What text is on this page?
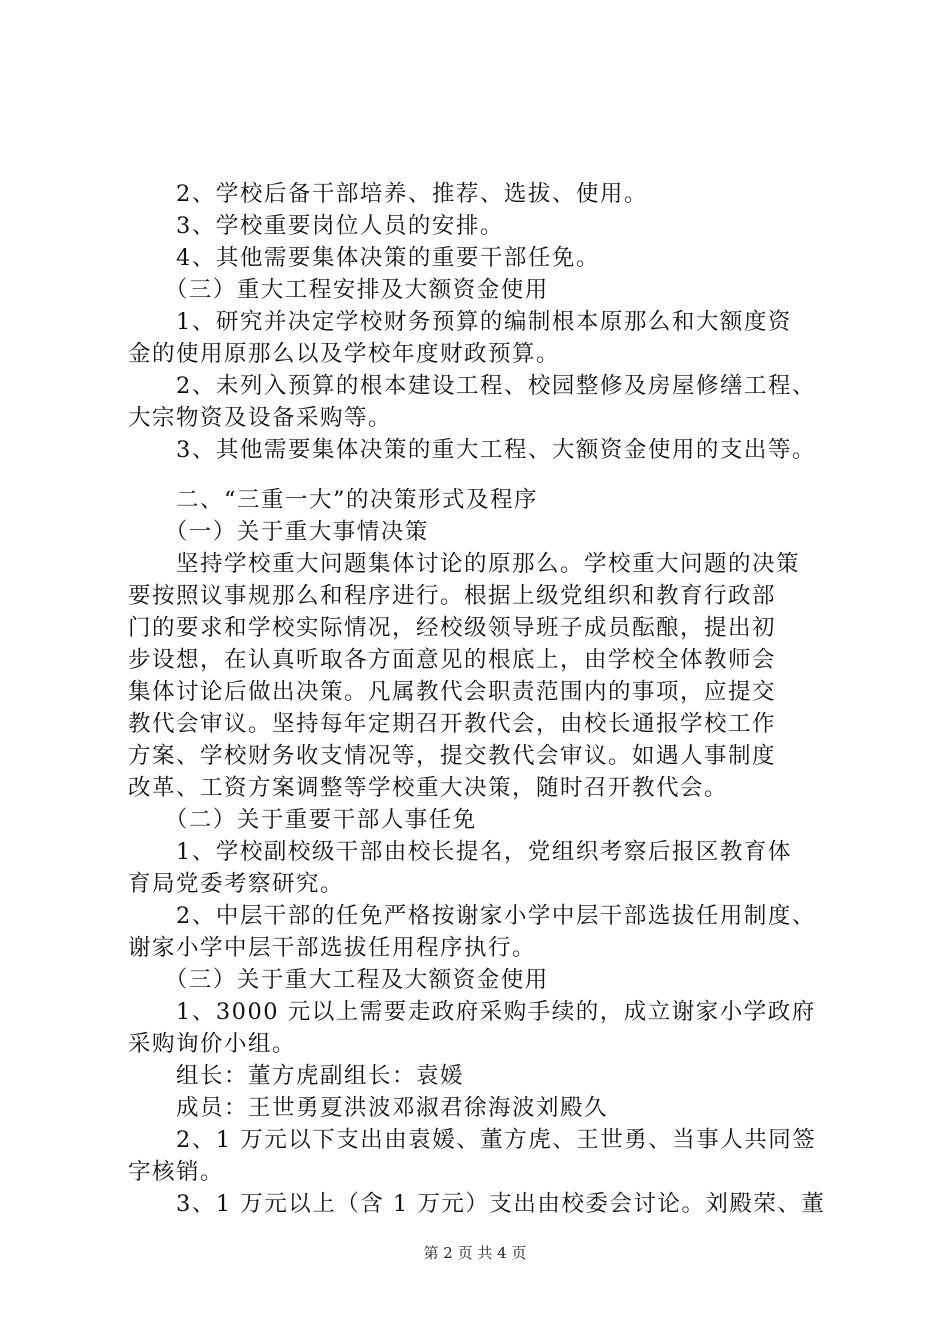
　　2、学校后备干部培养、推荐、选拔、使用。
　　3、学校重要岗位人员的安排。
　　4、其他需要集体决策的重要干部任免。
　　（三）重大工程安排及大额资金使用
　　1、研究并决定学校财务预算的编制根本原那么和大额度资
金的使用原那么以及学校年度财政预算。
　　2、未列入预算的根本建设工程、校园整修及房屋修缮工程、
大宗物资及设备采购等。
　　3、其他需要集体决策的重大工程、大额资金使用的支出等。
　　二、“三重一大”的决策形式及程序
　　（一）关于重大事情决策
　　坚持学校重大问题集体讨论的原那么。学校重大问题的决策
要按照议事规那么和程序进行。根据上级党组织和教育行政部
门的要求和学校实际情况，经校级领导班子成员酝酿，提出初
步设想，在认真听取各方面意见的根底上，由学校全体教师会
集体讨论后做出决策。凡属教代会职责范围内的事项，应提交
教代会审议。坚持每年定期召开教代会，由校长通报学校工作
方案、学校财务收支情况等，提交教代会审议。如遇人事制度
改革、工资方案调整等学校重大决策，随时召开教代会。
　　（二）关于重要干部人事任免
　　1、学校副校级干部由校长提名，党组织考察后报区教育体
育局党委考察研究。
　　2、中层干部的任免严格按谢家小学中层干部选拔任用制度、
谢家小学中层干部选拔任用程序执行。
　　（三）关于重大工程及大额资金使用
　　1、3000 元以上需要走政府采购手续的，成立谢家小学政府
采购询价小组。
　　组长：董方虎副组长：袁媛
　　成员：王世勇夏洪波邓淑君徐海波刘殿久
　　2、1 万元以下支出由袁媛、董方虎、王世勇、当事人共同签
字核销。
　　3、1 万元以上（含 1 万元）支出由校委会讨论。刘殿荣、董
第 2 页 共 4 页
